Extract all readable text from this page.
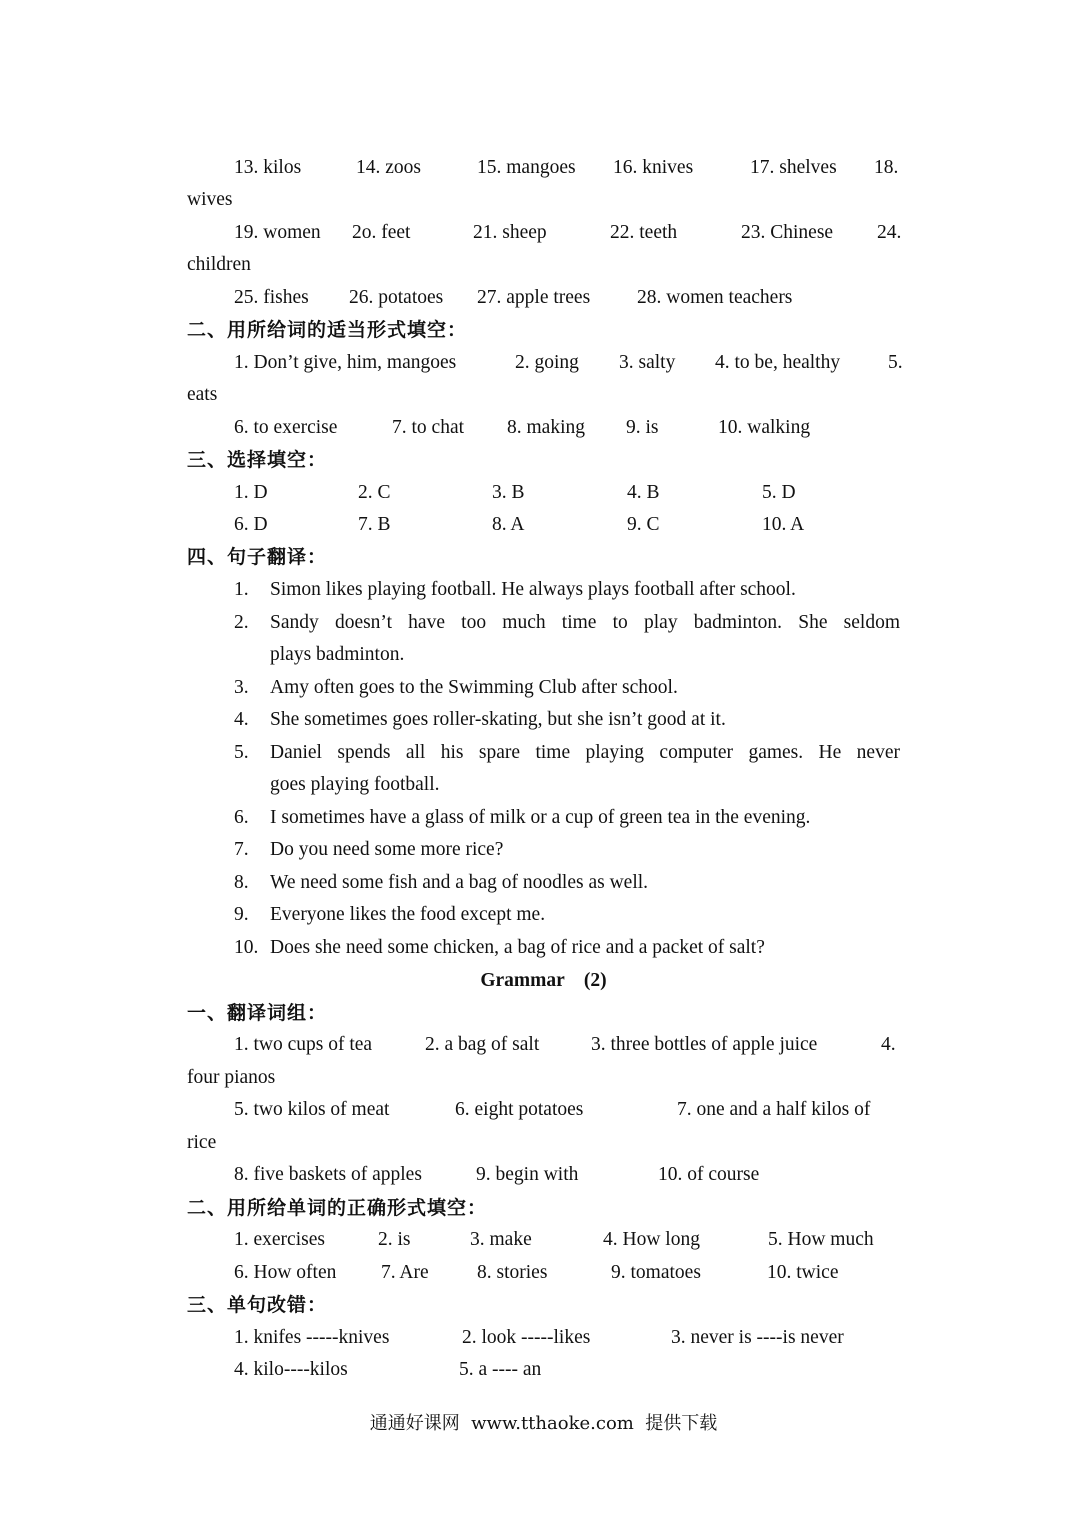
13. kilos	14. zoos	15. mangoes 16. knives	17. shelves 18.
wives
19. women 2o. feet	21. sheep	22. teeth	23. Chinese 24.
children
25. fishes 26. potatoes 27. apple trees 28. women teachers
二、用所给词的适当形式填空：
1. Don’t give, him, mangoes	2. going 3. salty 4. to be, healthy 5.
eats
6. to exercise	7. to chat 8. making 9. is	10. walking
三、选择填空：
1. D	2. C	3. B	4. B	5. D
6. D	7. B	8. A	9. C	10. A
四、句子翻译：
1. Simon likes playing football. He always plays football after school.
2. Sandy doesn’t have too much time to play badminton. She seldom
plays badminton.
3. Amy often goes to the Swimming Club after school.
4. She sometimes goes roller-skating, but she isn’t good at it.
5. Daniel spends all his spare time playing computer games. He never
goes playing football.
6. I sometimes have a glass of milk or a cup of green tea in the evening.
7. Do you need some more rice?
8. We need some fish and a bag of noodles as well.
9. Everyone likes the food except me.
10. Does she need some chicken, a bag of rice and a packet of salt?
Grammar    (2)
一、翻译词组：
1. two cups of tea	2. a bag of salt	3. three bottles of apple juice	4.
four pianos
5. two kilos of meat	6. eight potatoes	7. one and a half kilos of
rice
8. five baskets of apples	9. begin with	10. of course
二、用所给单词的正确形式填空：
1. exercises	2. is	3. make	4. How long	5. How much
6. How often 7. Are 8. stories	9. tomatoes	10. twice
三、单句改错：
1. knifes -----knives	2. look -----likes	3. never is ----is never
4. kilo----kilos	5. a ---- an
通通好课网  www.tthaoke.com  提供下载
